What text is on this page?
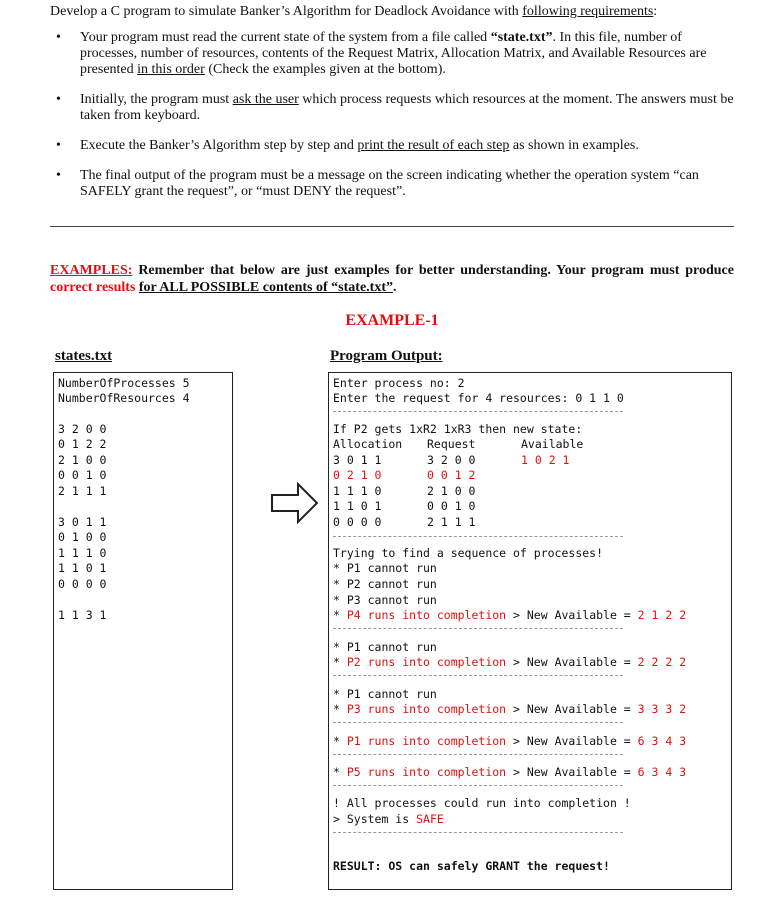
Develop a C program to simulate Banker’s Algorithm for Deadlock Avoidance with following requirements:
• Your program must read the current state of the system from a file called “state.txt”. In this file, number of processes, number of resources, contents of the Request Matrix, Allocation Matrix, and Available Resources are presented in this order (Check the examples given at the bottom).
• Initially, the program must ask the user which process requests which resources at the moment. The answers must be taken from keyboard.
• Execute the Banker’s Algorithm step by step and print the result of each step as shown in examples.
• The final output of the program must be a message on the screen indicating whether the operation system “can SAFELY grant the request”, or “must DENY the request”.
EXAMPLES: Remember that below are just examples for better understanding. Your program must produce correct results for ALL POSSIBLE contents of “state.txt”.
EXAMPLE-1
states.txt	Program Output:
NumberOfProcesses 5
NumberOfResources 4
3 2 0 0
0 1 2 2
2 1 0 0
0 0 1 0
2 1 1 1
3 0 1 1
0 1 0 0
1 1 1 0
1 1 0 1
0 0 0 0
1 1 3 1
Enter process no: 2
Enter the request for 4 resources: 0 1 1 0
If P2 gets 1xR2 1xR3 then new state:
Allocation Request	Available
3 0 1 1
0 2 1 0
1 1 1 0
1 1 0 1
0 0 0 0
3 2 0 0
0 0 1 2
2 1 0 0
0 0 1 0
2 1 1 1
1 0 2 1
Trying to find a sequence of processes!
* P1 cannot run
* P2 cannot run
* P3 cannot run
* P4 runs into completion > New Available = 2 1 2 2
* P1 cannot run
* P2 runs into completion > New Available = 2 2 2 2
* P1 cannot run
* P3 runs into completion > New Available = 3 3 3 2
* P1 runs into completion > New Available = 6 3 4 3
* P5 runs into completion > New Available = 6 3 4 3
! All processes could run into completion !
> System is SAFE
RESULT: OS can safely GRANT the request!
